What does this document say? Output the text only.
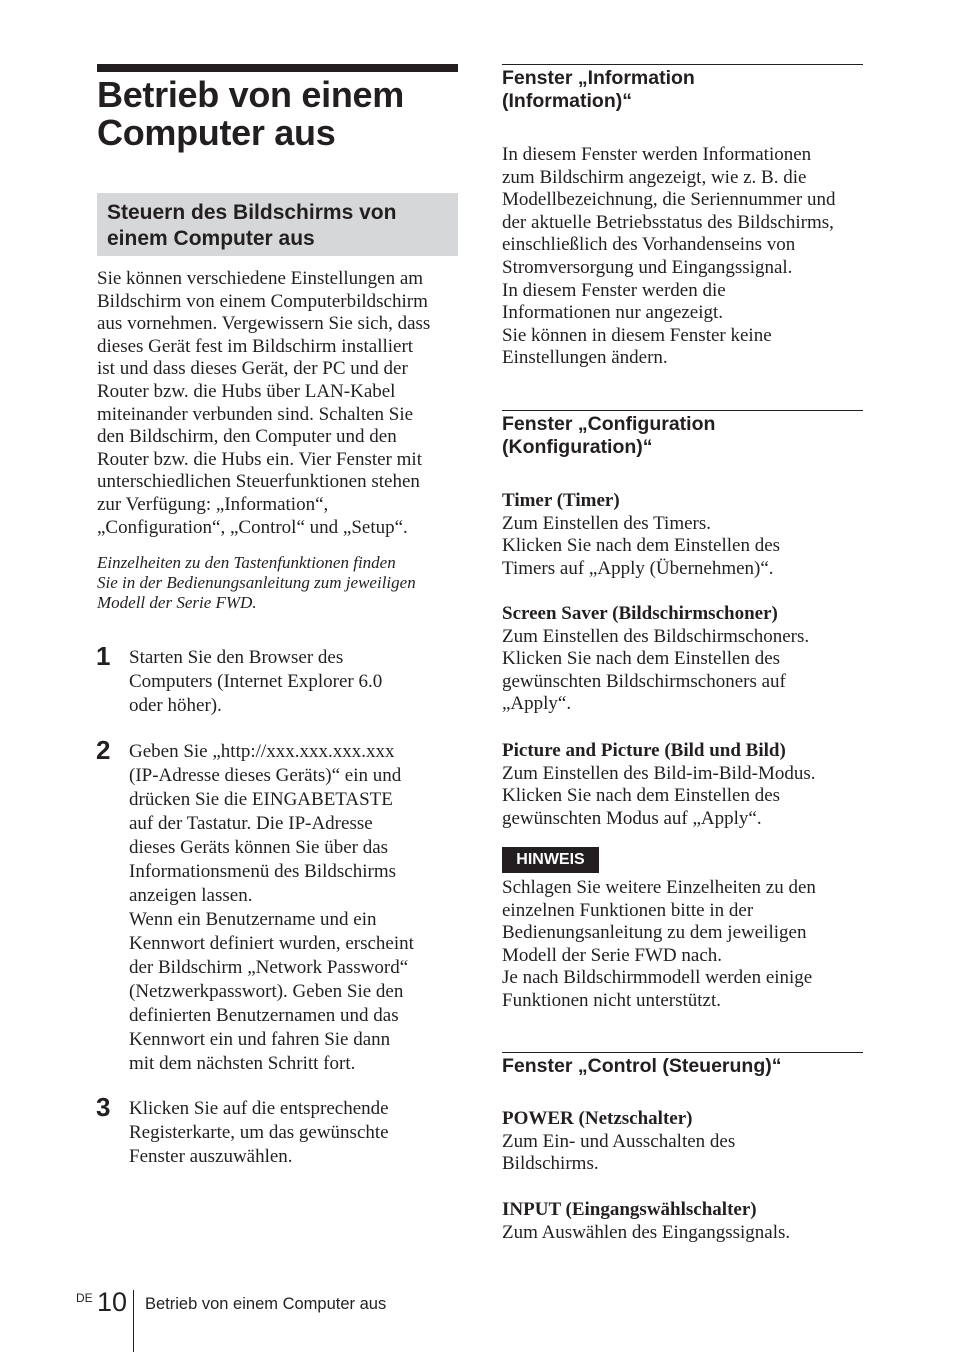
Betrieb von einem
Computer aus
Steuern des Bildschirms von
einem Computer aus

Sie können verschiedene Einstellungen am
Bildschirm von einem Computerbildschirm
aus vornehmen. Vergewissern Sie sich, dass
dieses Gerät fest im Bildschirm installiert
ist und dass dieses Gerät, der PC und der
Router bzw. die Hubs über LAN-Kabel
miteinander verbunden sind. Schalten Sie
den Bildschirm, den Computer und den
Router bzw. die Hubs ein. Vier Fenster mit
unterschiedlichen Steuerfunktionen stehen
zur Verfügung: „Information“,
„Configuration“, „Control“ und „Setup“.

Einzelheiten zu den Tastenfunktionen finden
Sie in der Bedienungsanleitung zum jeweiligen
Modell der Serie FWD.

1 Starten Sie den Browser des

Computers (Internet Explorer 6.0

oder höher).

2 Geben Sie „http://xxx.xxx.xxx.xxx

(IP-Adresse dieses Geräts)“ ein und

drücken Sie die EINGABETASTE

auf der Tastatur. Die IP-Adresse

dieses Geräts können Sie über das

Informationsmenü des Bildschirms

anzeigen lassen.

Wenn ein Benutzername und ein

Kennwort definiert wurden, erscheint

der Bildschirm „Network Password“

(Netzwerkpasswort). Geben Sie den

definierten Benutzernamen und das

Kennwort ein und fahren Sie dann

mit dem nächsten Schritt fort.

3 Klicken Sie auf die entsprechende

Registerkarte, um das gewünschte

Fenster auszuwählen.

Fenster „Information
(Information)“

In diesem Fenster werden Informationen

zum Bildschirm angezeigt, wie z. B. die

Modellbezeichnung, die Seriennummer und

der aktuelle Betriebsstatus des Bildschirms,

einschließlich des Vorhandenseins von

Stromversorgung und Eingangssignal.

In diesem Fenster werden die

Informationen nur angezeigt.

Sie können in diesem Fenster keine

Einstellungen ändern.

Fenster „Configuration
(Konfiguration)“

Timer (Timer)

Zum Einstellen des Timers.

Klicken Sie nach dem Einstellen des

Timers auf „Apply (Übernehmen)“.

Screen Saver (Bildschirmschoner)

Zum Einstellen des Bildschirmschoners.

Klicken Sie nach dem Einstellen des

gewünschten Bildschirmschoners auf

„Apply“.

Picture and Picture (Bild und Bild)

Zum Einstellen des Bild-im-Bild-Modus.

Klicken Sie nach dem Einstellen des

gewünschten Modus auf „Apply“.

HINWEIS

Schlagen Sie weitere Einzelheiten zu den

einzelnen Funktionen bitte in der

Bedienungsanleitung zu dem jeweiligen

Modell der Serie FWD nach.

Je nach Bildschirmmodell werden einige

Funktionen nicht unterstützt.

Fenster „Control (Steuerung)“

POWER (Netzschalter)

Zum Ein- und Ausschalten des

Bildschirms.

INPUT (Eingangswählschalter)

Zum Auswählen des Eingangssignals.

DE 10 Betrieb von einem Computer aus
